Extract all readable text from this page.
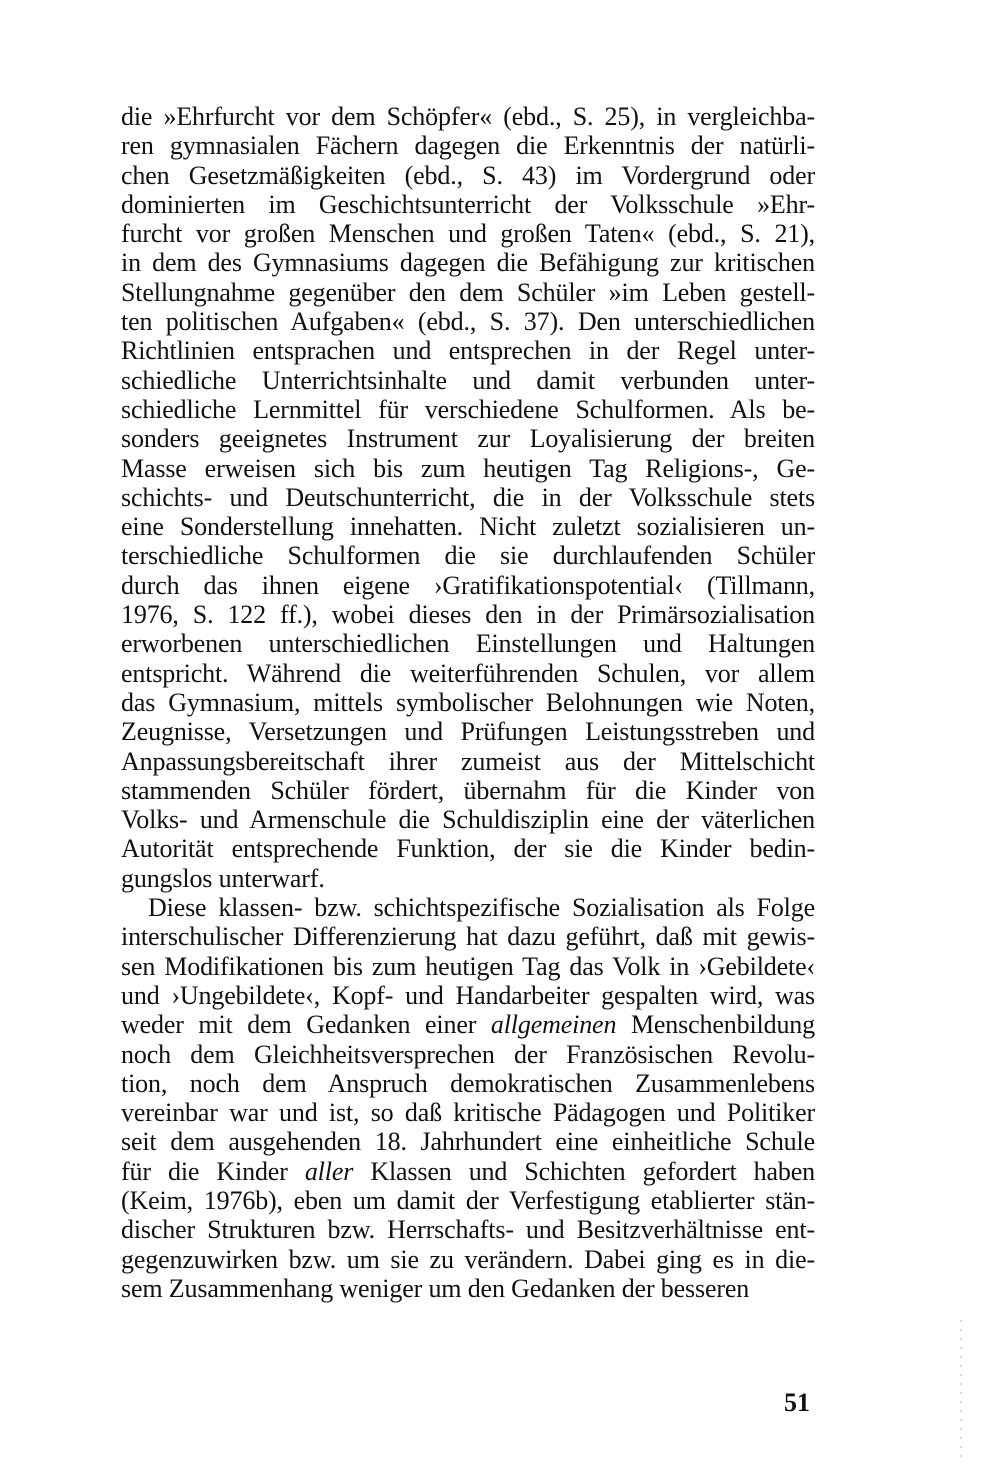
die »Ehrfurcht vor dem Schöpfer« (ebd., S. 25), in vergleichba-
ren gymnasialen Fächern dagegen die Erkenntnis der natürli-
chen Gesetzmäßigkeiten (ebd., S. 43) im Vordergrund oder
dominierten im Geschichtsunterricht der Volksschule »Ehr-
furcht vor großen Menschen und großen Taten« (ebd., S. 21),
in dem des Gymnasiums dagegen die Befähigung zur kritischen
Stellungnahme gegenüber den dem Schüler »im Leben gestell-
ten politischen Aufgaben« (ebd., S. 37). Den unterschiedlichen
Richtlinien entsprachen und entsprechen in der Regel unter-
schiedliche Unterrichtsinhalte und damit verbunden unter-
schiedliche Lernmittel für verschiedene Schulformen. Als be-
sonders geeignetes Instrument zur Loyalisierung der breiten
Masse erweisen sich bis zum heutigen Tag Religions-, Ge-
schichts- und Deutschunterricht, die in der Volksschule stets
eine Sonderstellung innehatten. Nicht zuletzt sozialisieren un-
terschiedliche Schulformen die sie durchlaufenden Schüler
durch das ihnen eigene ›Gratifikationspotential‹ (Tillmann,
1976, S. 122 ff.), wobei dieses den in der Primärsozialisation
erworbenen unterschiedlichen Einstellungen und Haltungen
entspricht. Während die weiterführenden Schulen, vor allem
das Gymnasium, mittels symbolischer Belohnungen wie Noten,
Zeugnisse, Versetzungen und Prüfungen Leistungsstreben und
Anpassungsbereitschaft ihrer zumeist aus der Mittelschicht
stammenden Schüler fördert, übernahm für die Kinder von
Volks- und Armenschule die Schuldisziplin eine der väterlichen
Autorität entsprechende Funktion, der sie die Kinder bedin-
gungslos unterwarf.
Diese klassen- bzw. schichtspezifische Sozialisation als Folge
interschulischer Differenzierung hat dazu geführt, daß mit gewis-
sen Modifikationen bis zum heutigen Tag das Volk in ›Gebildete‹
und ›Ungebildete‹, Kopf- und Handarbeiter gespalten wird, was
weder mit dem Gedanken einer allgemeinen Menschenbildung
noch dem Gleichheitsversprechen der Französischen Revolu-
tion, noch dem Anspruch demokratischen Zusammenlebens
vereinbar war und ist, so daß kritische Pädagogen und Politiker
seit dem ausgehenden 18. Jahrhundert eine einheitliche Schule
für die Kinder aller Klassen und Schichten gefordert haben
(Keim, 1976b), eben um damit der Verfestigung etablierter stän-
discher Strukturen bzw. Herrschafts- und Besitzverhältnisse ent-
gegenzuwirken bzw. um sie zu verändern. Dabei ging es in die-
sem Zusammenhang weniger um den Gedanken der besseren
51
